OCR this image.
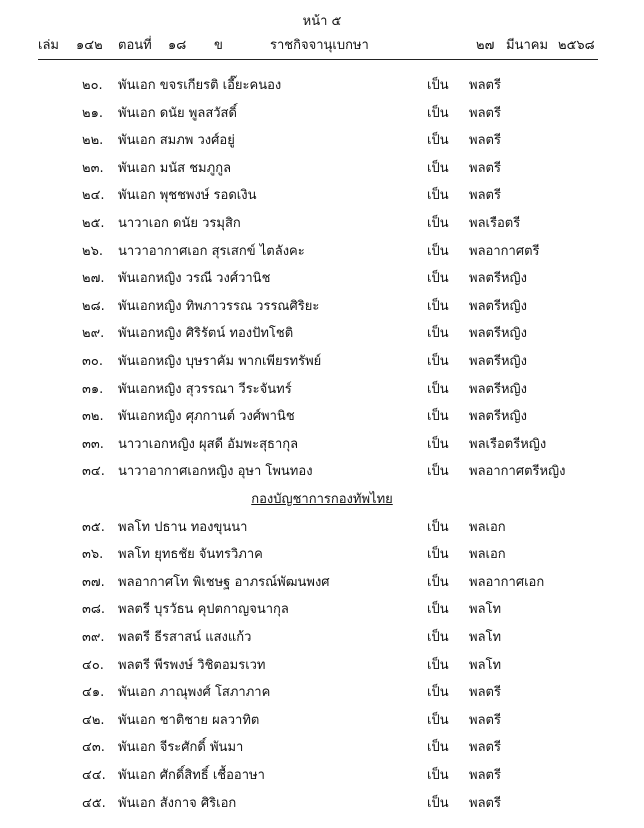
หน้า ๕
เล่ม ๑๔๒ ตอนที่ ๑๘ ข	ราชกิจจานุเบกษา	๒๗ มีนาคม ๒๕๖๘
๒๐. พันเอก ขจรเกียรติ เอี๊ยะคนอง	เป็น พลตรี
๒๑. พันเอก ดนัย พูลสวัสดิ์	เป็น พลตรี
๒๒. พันเอก สมภพ วงศ์อยู่	เป็น พลตรี
๒๓. พันเอก มนัส ชมภูกูล	เป็น พลตรี
๒๔. พันเอก พุชชพงษ์ รอดเงิน	เป็น พลตรี
๒๕. นาวาเอก ดนัย วรมุสิก	เป็น พลเรือตรี
๒๖. นาวาอากาศเอก สุรเสกข์ ไตลังคะ	เป็น พลอากาศตรี
๒๗. พันเอกหญิง วรณี วงศ์วานิช	เป็น พลตรีหญิง
๒๘. พันเอกหญิง ทิพภาวรรณ วรรณศิริยะ	เป็น พลตรีหญิง
๒๙. พันเอกหญิง ศิริรัตน์ ทองปัทโชติ	เป็น พลตรีหญิง
๓๐. พันเอกหญิง บุษราคัม พากเพียรทรัพย์	เป็น พลตรีหญิง
๓๑. พันเอกหญิง สุวรรณา วีระจันทร์	เป็น พลตรีหญิง
๓๒. พันเอกหญิง ศุภกานต์ วงศ์พานิช	เป็น พลตรีหญิง
๓๓. นาวาเอกหญิง ผุสดี อัมพะสุธากุล	เป็น พลเรือตรีหญิง
๓๔. นาวาอากาศเอกหญิง อุษา โพนทอง	เป็น พลอากาศตรีหญิง
กองบัญชาการกองทัพไทย
๓๕. พลโท ปธาน ทองขุนนา	เป็น พลเอก
๓๖. พลโท ยุทธชัย จันทรวิภาค	เป็น พลเอก
๓๗. พลอากาศโท พิเชษฐ อาภรณ์พัฒนพงศ	เป็น พลอากาศเอก
๓๘. พลตรี บุรวัธน คุปตกาญจนากุล	เป็น พลโท
๓๙. พลตรี ธีรสาสน์ แสงแก้ว	เป็น พลโท
๔๐. พลตรี พีรพงษ์ วิชิตอมรเวท	เป็น พลโท
๔๑. พันเอก ภาณุพงศ์ โสภาภาค	เป็น พลตรี
๔๒. พันเอก ชาติชาย ผลวาทิต	เป็น พลตรี
๔๓. พันเอก จีระศักดิ์ พันมา	เป็น พลตรี
๔๔. พันเอก ศักดิ์สิทธิ์ เชื้ออาษา	เป็น พลตรี
๔๕. พันเอก สังกาจ ศิริเอก	เป็น พลตรี
